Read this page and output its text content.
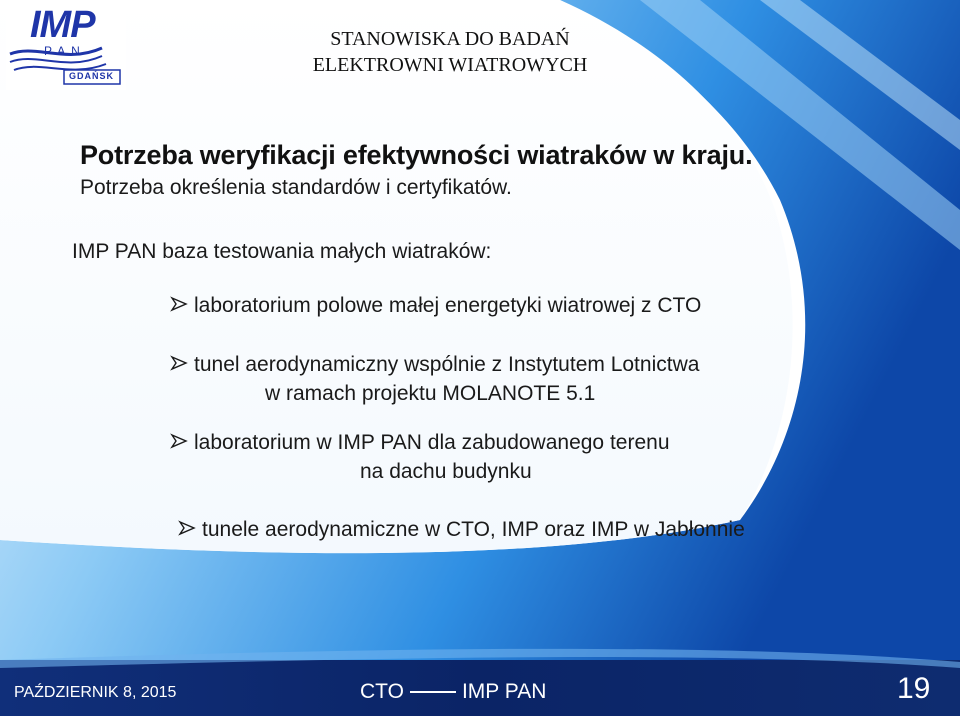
IMP
PAN
GDAŃSK
STANOWISKA DO BADAŃ
ELEKTROWNI WIATROWYCH
Potrzeba weryfikacji efektywności wiatraków w kraju.
Potrzeba określenia standardów i certyfikatów.
IMP PAN baza testowania małych wiatraków:
laboratorium polowe małej energetyki wiatrowej z CTO
tunel aerodynamiczny wspólnie z Instytutem Lotnictwa
w ramach projektu MOLANOTE 5.1
laboratorium w IMP PAN dla zabudowanego terenu
na dachu budynku
tunele aerodynamiczne w CTO, IMP oraz IMP w Jabłonnie
PAŹDZIERNIK 8, 2015	CTO	IMP PAN	19
